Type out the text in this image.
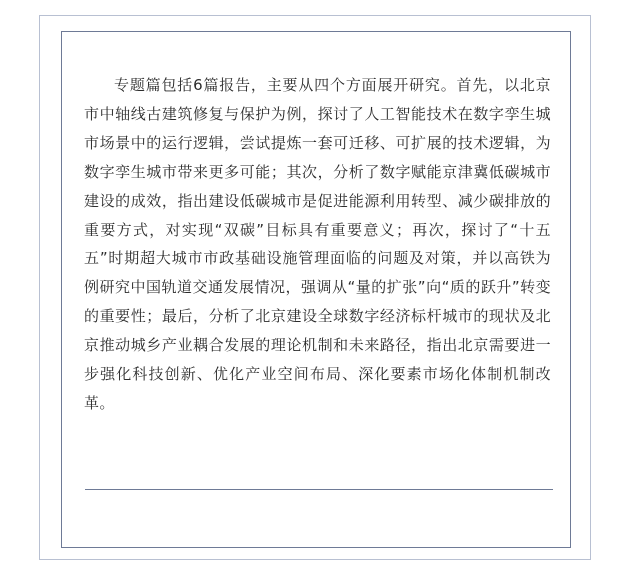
专题篇包括6篇报告，主要从四个方面展开研究。首先，以北京市中轴线古建筑修复与保护为例，探讨了人工智能技术在数字孪生城市场景中的运行逻辑，尝试提炼一套可迁移、可扩展的技术逻辑，为数字孪生城市带来更多可能；其次，分析了数字赋能京津冀低碳城市建设的成效，指出建设低碳城市是促进能源利用转型、减少碳排放的重要方式，对实现“双碳”目标具有重要意义；再次，探讨了“十五五”时期超大城市市政基础设施管理面临的问题及对策，并以高铁为例研究中国轨道交通发展情况，强调从“量的扩张”向“质的跃升”转变的重要性；最后，分析了北京建设全球数字经济标杆城市的现状及北京推动城乡产业耦合发展的理论机制和未来路径，指出北京需要进一步强化科技创新、优化产业空间布局、深化要素市场化体制机制改革。
